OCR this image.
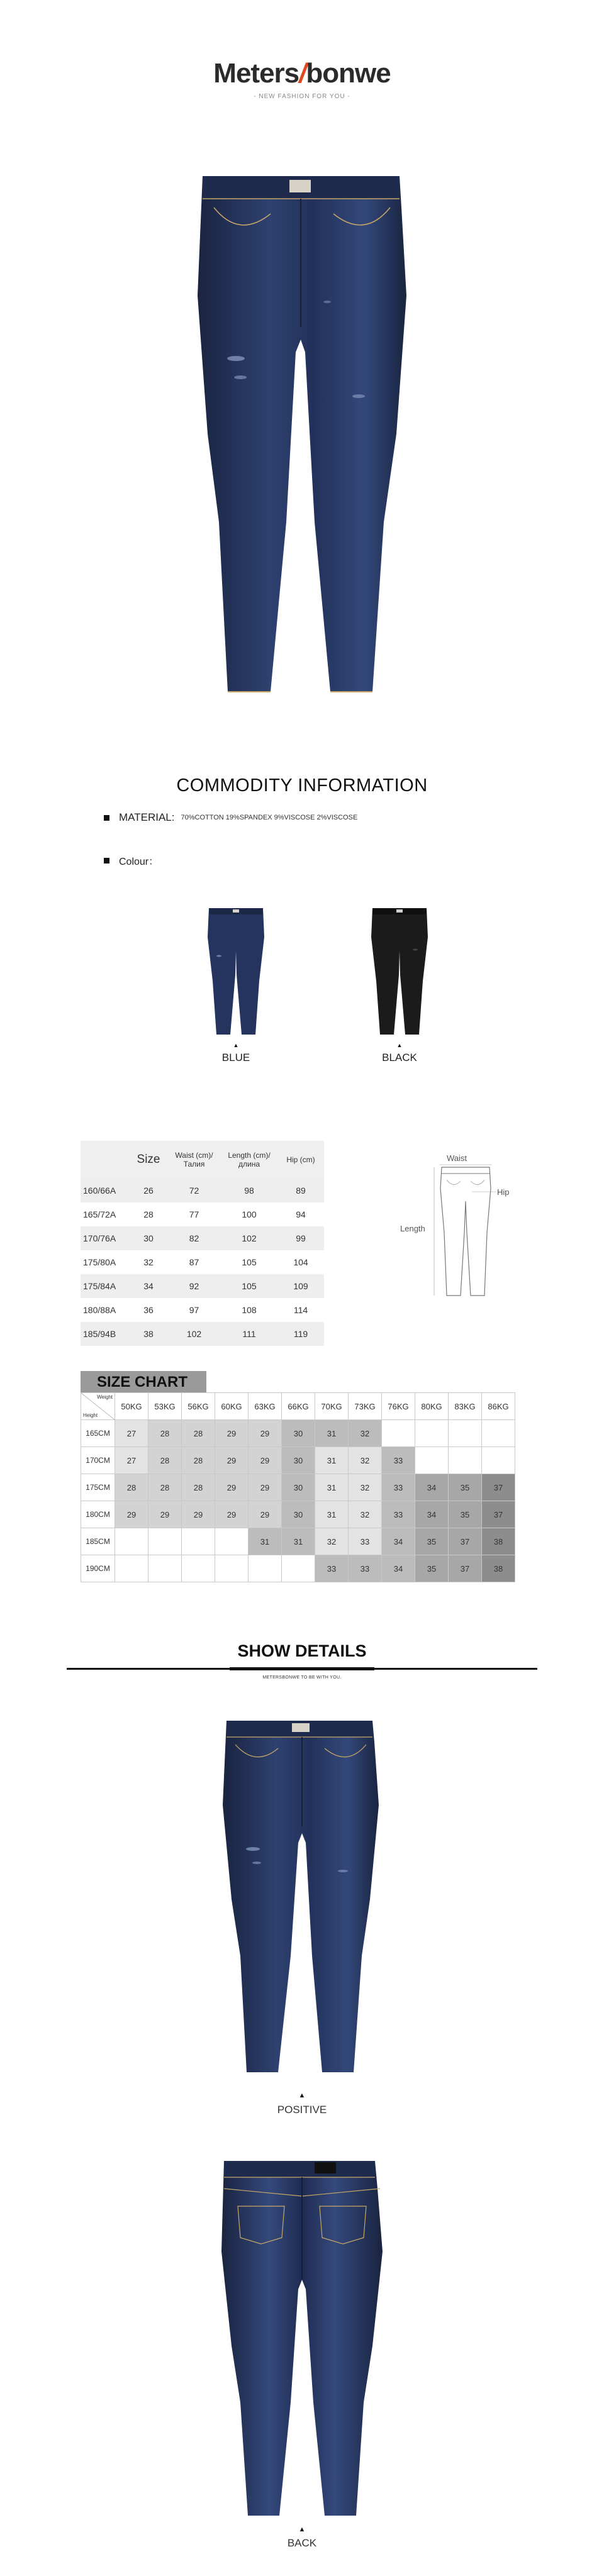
Meters/bonwe
- NEW FASHION FOR YOU -
COMMODITY INFORMATION
MATERIAL: 70%COTTON 19%SPANDEX 9%VISCOSE 2%VISCOSE
Colour：
▲
BLUE
▲
BLACK
	Size	Waist (cm)/Талия	Length (cm)/длина	Hip (cm)
160/66A	26	72	98	89
165/72A	28	77	100	94
170/76A	30	82	102	99
175/80A	32	87	105	104
175/84A	34	92	105	109
180/88A	36	97	108	114
185/94B	38	102	111	119
Waist
Hip
Length
SIZE CHART
Weight
Height	50KG	53KG	56KG	60KG	63KG	66KG	70KG	73KG	76KG	80KG	83KG	86KG
165CM	27	28	28	29	29	30	31	32				
170CM	27	28	28	29	29	30	31	32	33			
175CM	28	28	28	29	29	30	31	32	33	34	35	37
180CM	29	29	29	29	29	30	31	32	33	34	35	37
185CM					31	31	32	33	34	35	37	38
190CM							33	33	34	35	37	38
SHOW DETAILS
METERSBONWE TO BE WITH YOU.
▲
POSITIVE
▲
BACK
